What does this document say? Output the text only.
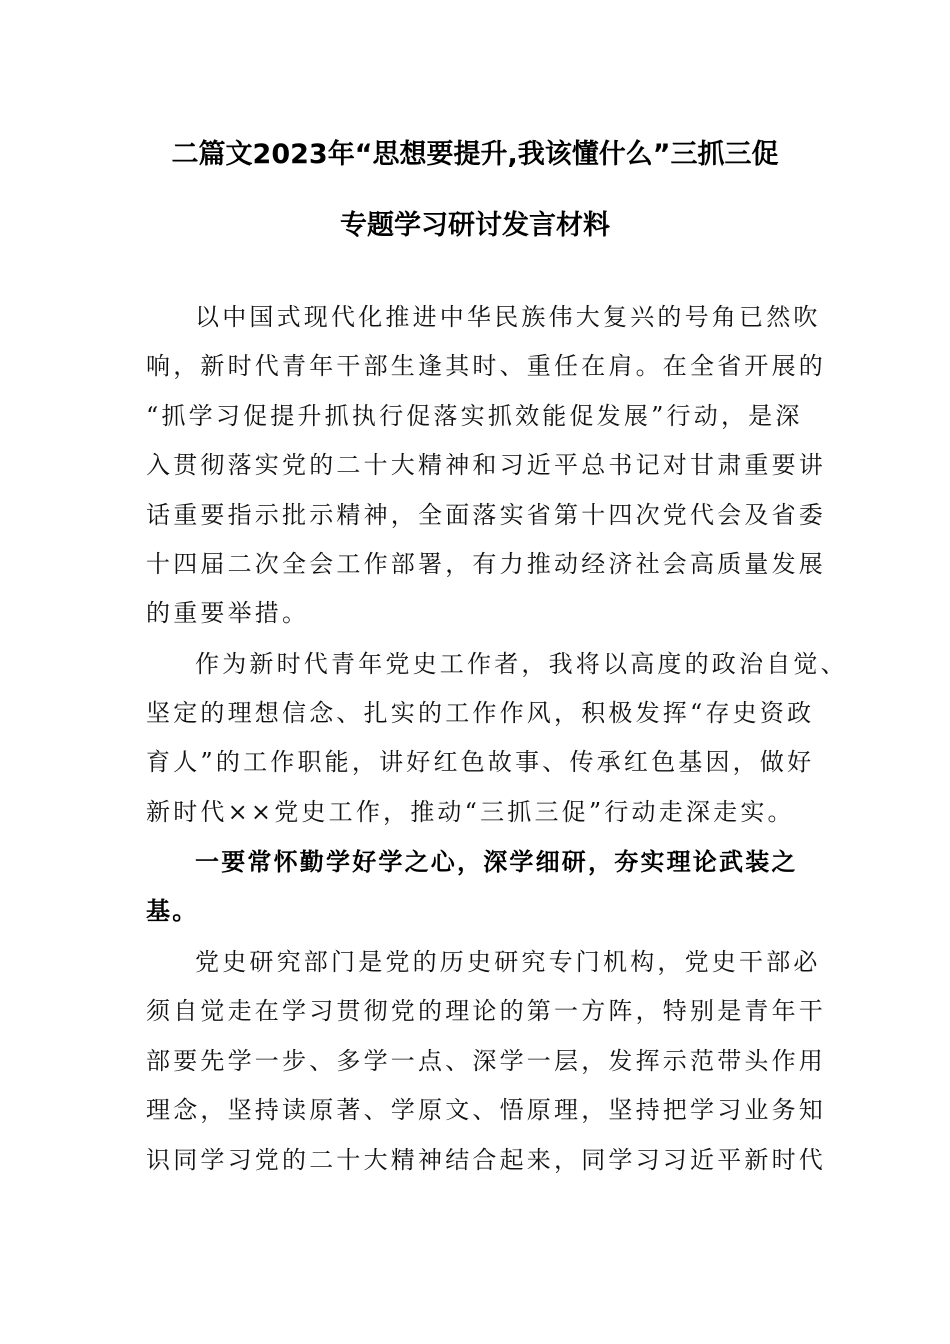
二篇文2023年“思想要提升,我该懂什么”三抓三促
专题学习研讨发言材料
以中国式现代化推进中华民族伟大复兴的号角已然吹
响，新时代青年干部生逢其时、重任在肩。在全省开展的
“抓学习促提升抓执行促落实抓效能促发展”行动，是深
入贯彻落实党的二十大精神和习近平总书记对甘肃重要讲
话重要指示批示精神，全面落实省第十四次党代会及省委
十四届二次全会工作部署，有力推动经济社会高质量发展
的重要举措。
作为新时代青年党史工作者，我将以高度的政治自觉、
坚定的理想信念、扎实的工作作风，积极发挥“存史资政
育人”的工作职能，讲好红色故事、传承红色基因，做好
新时代××党史工作，推动“三抓三促”行动走深走实。
一要常怀勤学好学之心，深学细研，夯实理论武装之
基。
党史研究部门是党的历史研究专门机构，党史干部必
须自觉走在学习贯彻党的理论的第一方阵，特别是青年干
部要先学一步、多学一点、深学一层，发挥示范带头作用
理念，坚持读原著、学原文、悟原理，坚持把学习业务知
识同学习党的二十大精神结合起来，同学习习近平新时代
